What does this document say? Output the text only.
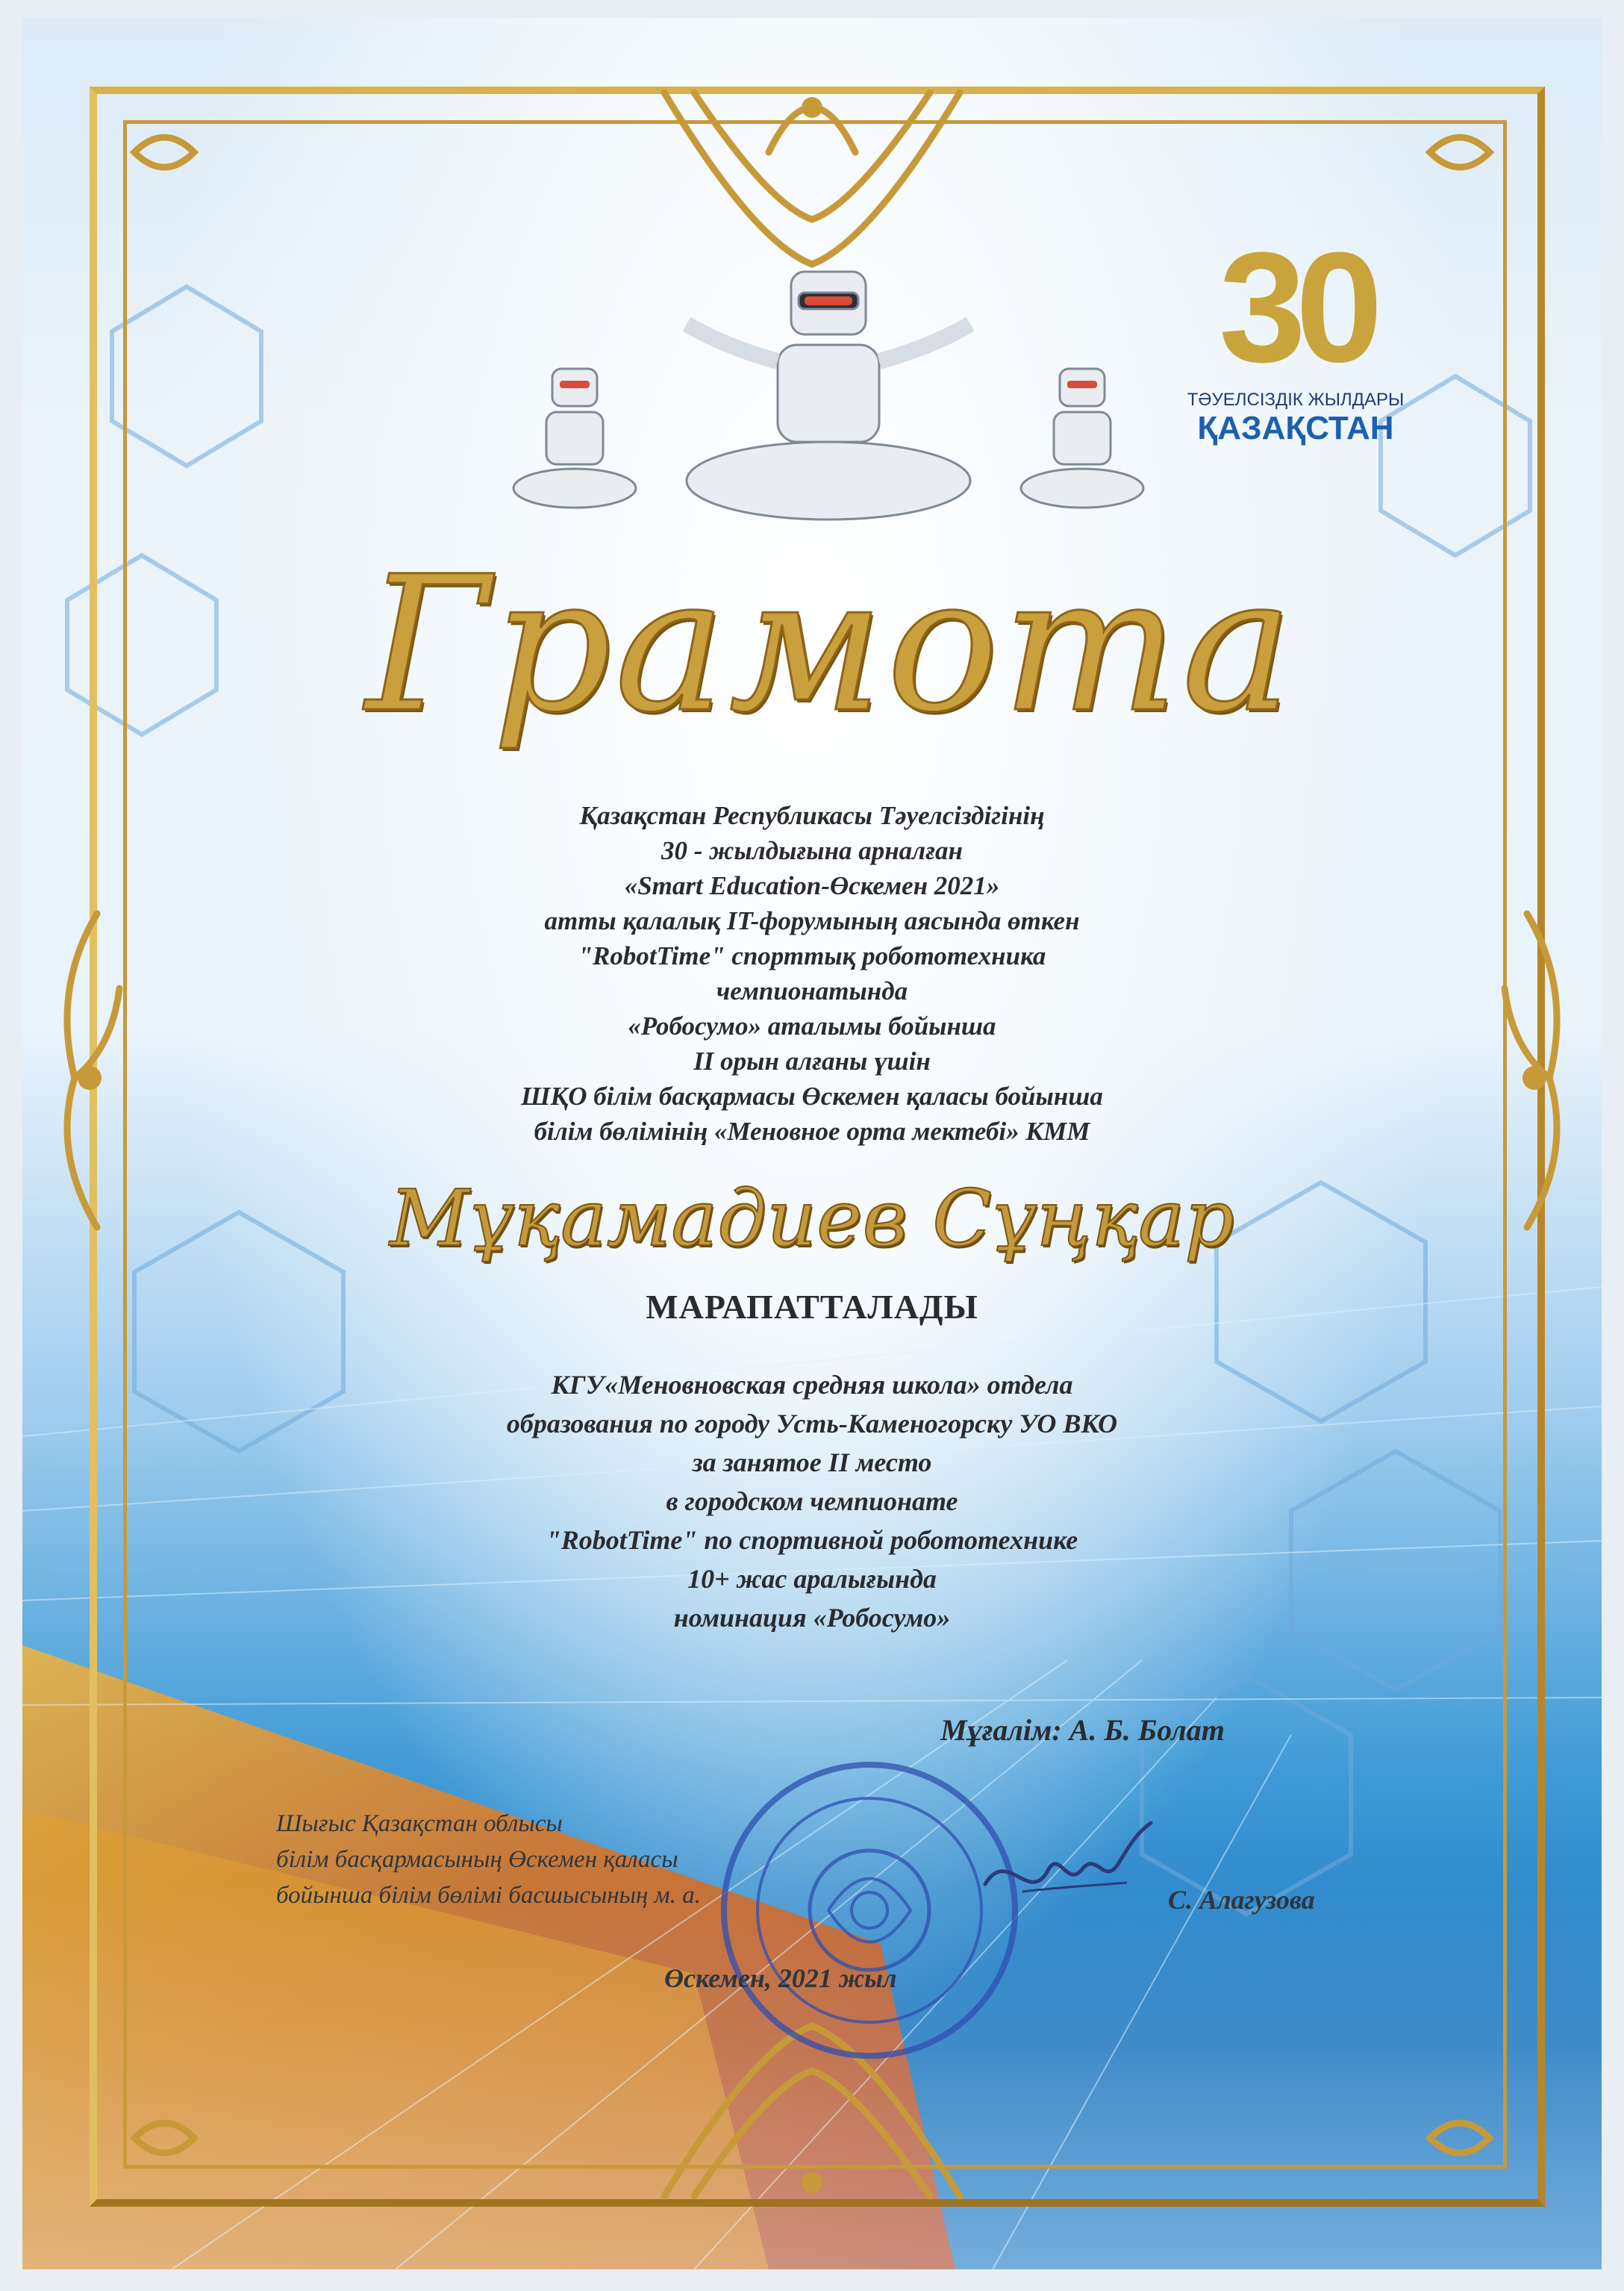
30
ТӘУЕЛСІЗДІК ЖЫЛДАРЫ
ҚАЗАҚСТАН
Грамота
Қазақстан Республикасы Тәуелсіздігінің
30 - жылдығына арналған
«Smart Education-Өскемен 2021»
атты қалалық IT-форумының аясында өткен
"RobotTime" спорттық робототехника
чемпионатында
«Робосумо» аталымы бойынша
II орын алғаны үшін
ШҚО білім басқармасы Өскемен қаласы бойынша
білім бөлімінің «Меновное орта мектебі» КММ
Мұқамадиев Сұңқар
МАРАПАТТАЛАДЫ
КГУ«Меновновская средняя школа» отдела
образования по городу Усть-Каменогорску УО ВКО
за занятое II место
в городском чемпионате
"RobotTime" по спортивной робототехнике
10+ жас аралығында
номинация «Робосумо»
Мұғалім: А. Б. Болат
Шығыс Қазақстан облысы
білім басқармасының Өскемен қаласы
бойынша білім бөлімі басшысының м. а.	С. Алагузова
Өскемен, 2021 жыл
